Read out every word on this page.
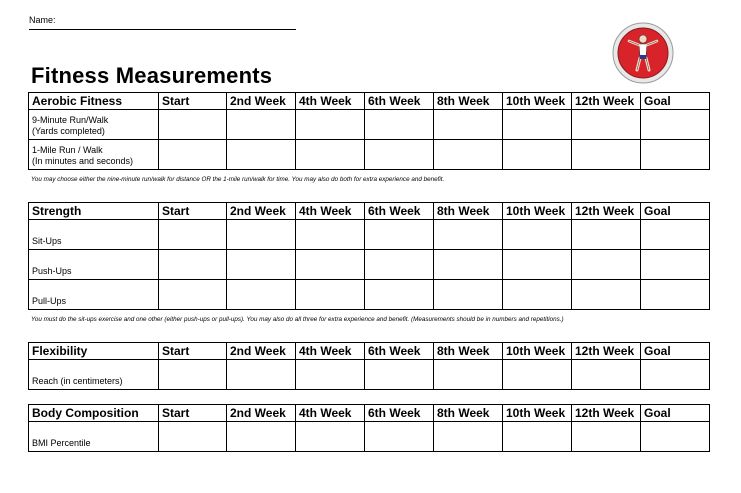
Name:
Fitness Measurements
Aerobic Fitness	Start	2nd Week	4th Week	6th Week	8th Week	10th Week	12th Week	Goal
9-Minute Run/Walk
(Yards completed)								
1-Mile Run / Walk
(In minutes and seconds)								
You may choose either the nine-minute run/walk for distance OR the 1-mile run/walk for time. You may also do both for extra experience and benefit.
Strength	Start	2nd Week	4th Week	6th Week	8th Week	10th Week	12th Week	Goal
Sit-Ups								
Push-Ups								
Pull-Ups								
You must do the sit-ups exercise and one other (either push-ups or pull-ups). You may also do all three for extra experience and benefit. (Measurements should be in numbers and repetitions.)
Flexibility	Start	2nd Week	4th Week	6th Week	8th Week	10th Week	12th Week	Goal
Reach (in centimeters)								
Body Composition	Start	2nd Week	4th Week	6th Week	8th Week	10th Week	12th Week	Goal
BMI Percentile								
